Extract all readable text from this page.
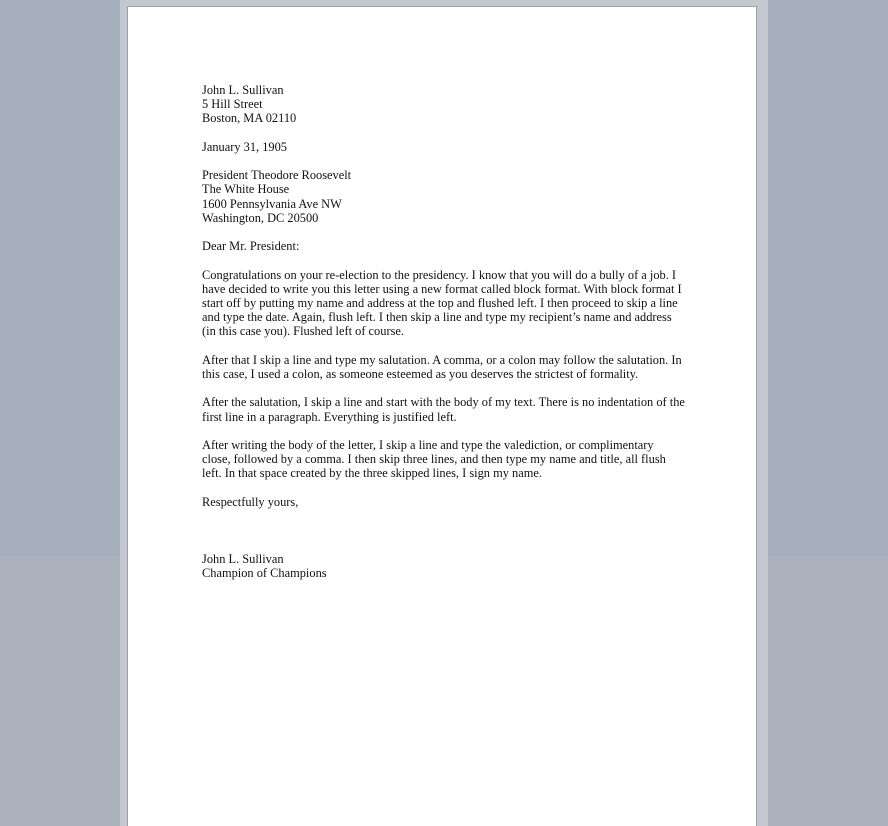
John L. Sullivan
5 Hill Street
Boston, MA 02110
January 31, 1905
President Theodore Roosevelt
The White House
1600 Pennsylvania Ave NW
Washington, DC 20500
Dear Mr. President:
Congratulations on your re-election to the presidency. I know that you will do a bully of a job. I
have decided to write you this letter using a new format called block format. With block format I
start off by putting my name and address at the top and flushed left. I then proceed to skip a line
and type the date. Again, flush left. I then skip a line and type my recipient’s name and address
(in this case you). Flushed left of course.
After that I skip a line and type my salutation. A comma, or a colon may follow the salutation. In
this case, I used a colon, as someone esteemed as you deserves the strictest of formality.
After the salutation, I skip a line and start with the body of my text. There is no indentation of the
first line in a paragraph. Everything is justified left.
After writing the body of the letter, I skip a line and type the valediction, or complimentary
close, followed by a comma. I then skip three lines, and then type my name and title, all flush
left. In that space created by the three skipped lines, I sign my name.
Respectfully yours,
John L. Sullivan
Champion of Champions
